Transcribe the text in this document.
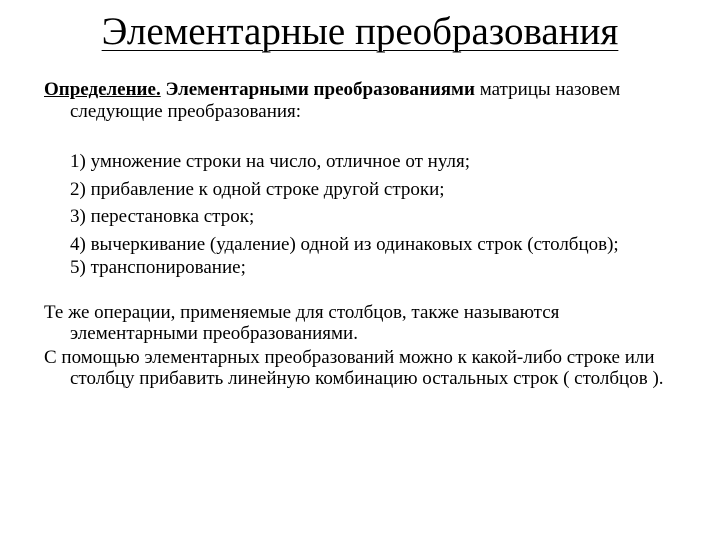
Элементарные преобразования

Определение. Элементарными преобразованиями матрицы назовем следующие преобразования:

1) умножение строки на число, отличное от нуля;
2) прибавление к одной строке другой строки;
3) перестановка строк;
4) вычеркивание (удаление) одной из одинаковых строк (столбцов);
5) транспонирование;

Те же операции, применяемые для столбцов, также называются элементарными преобразованиями.

С помощью элементарных преобразований можно к какой-либо строке или столбцу прибавить линейную комбинацию остальных строк ( столбцов ).
